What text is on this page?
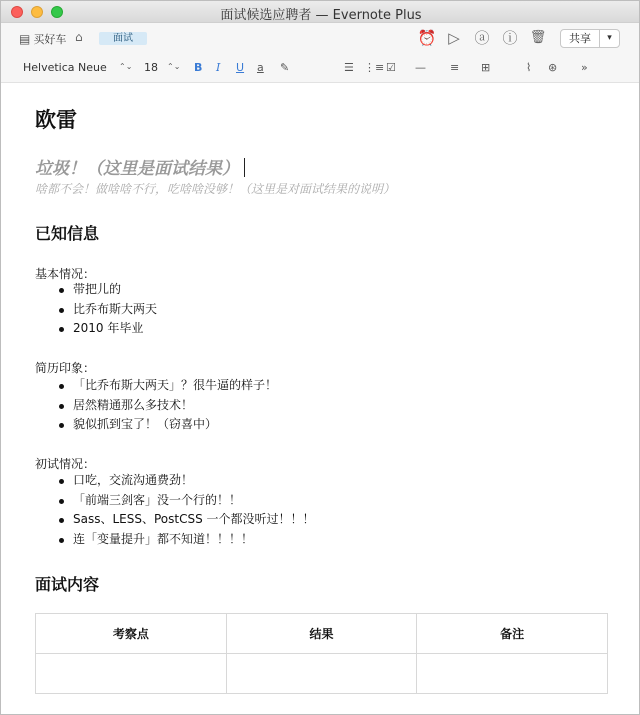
面试候选应聘者 — Evernote Plus
▤ 买好车 ⌂	面试	⏰ ▷ ⓐ ⓘ 🗑	共享	▾
Helvetica Neue ⌃⌄ 18 ⌃⌄ B I U a ✎	☰ ⋮≡ ☑ — ≡ ⊞	⌇ ⊛ »
欧雷
垃圾！（这里是面试结果）
啥都不会！做啥啥不行，吃啥啥没够！（这里是对面试结果的说明）
已知信息
基本情况：
带把儿的
比乔布斯大两天
2010 年毕业
简历印象：
「比乔布斯大两天」？很牛逼的样子！
居然精通那么多技术！
貌似抓到宝了！（窃喜中）
初试情况：
口吃，交流沟通费劲！
「前端三剑客」没一个行的！！
Sass、LESS、PostCSS 一个都没听过！！！
连「变量提升」都不知道！！！！
面试内容
考察点	结果	备注
